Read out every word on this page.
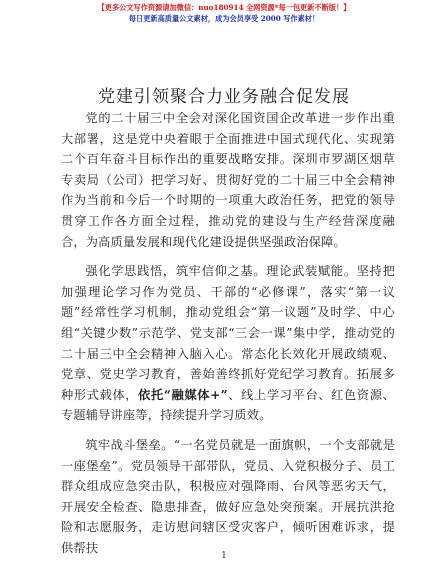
【更多公文写作资源请加微信：nuo180914 全网资源*每一包更新不断版！】
每日更新高质量公文素材，成为会员享受 2000 写作素材！
党建引领聚合力业务融合促发展

党的二十届三中全会对深化国资国企改革进一步作出重大部署，这是党中央着眼于全面推进中国式现代化、实现第二个百年奋斗目标作出的重要战略安排。深圳市罗湖区烟草专卖局（公司）把学习好、贯彻好党的二十届三中全会精神作为当前和今后一个时期的一项重大政治任务，把党的领导贯穿工作各方面全过程，推动党的建设与生产经营深度融合，为高质量发展和现代化建设提供坚强政治保障。

强化学思践悟，筑牢信仰之基。理论武装赋能。坚持把加强理论学习作为党员、干部的“必修课”，落实“第一议题”经常性学习机制，推动党组会“第一议题”及时学、中心组“关键少数”示范学、党支部“三会一课”集中学，推动党的二十届三中全会精神入脑入心。常态化长效化开展政绩观、党章、党史学习教育，善始善终抓好党纪学习教育。拓展多种形式载体，依托“融媒体+”、线上学习平台、红色资源、专题辅导讲座等，持续提升学习质效。

筑牢战斗堡垒。“一名党员就是一面旗帜，一个支部就是一座堡垒”。党员领导干部带队，党员、入党积极分子、员工群众组成应急突击队，积极应对强降雨、台风等恶劣天气，开展安全检查、隐患排查，做好应急处突预案。开展抗洪抢险和志愿服务，走访慰问辖区受灾客户，倾听困难诉求，提供帮扶

1
